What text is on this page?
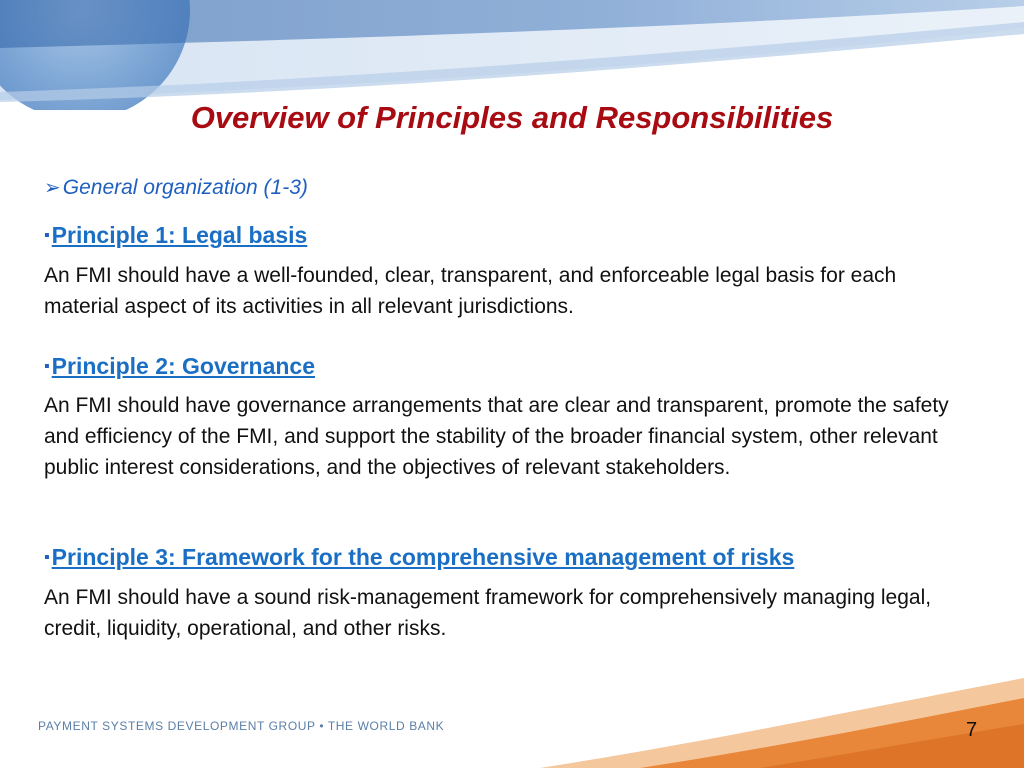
Overview of Principles and Responsibilities
➢General organization (1-3)
▪Principle 1: Legal basis
An FMI should have a well-founded, clear, transparent, and enforceable legal basis for each material aspect of its activities in all relevant jurisdictions.
▪Principle 2: Governance
An FMI should have governance arrangements that are clear and transparent, promote the safety and efficiency of the FMI, and support the stability of the broader financial system, other relevant public interest considerations, and the objectives of relevant stakeholders.
▪Principle 3: Framework for the comprehensive management of risks
An FMI should have a sound risk-management framework for comprehensively managing legal, credit, liquidity, operational, and other risks.
PAYMENT SYSTEMS DEVELOPMENT GROUP • THE WORLD BANK	7
